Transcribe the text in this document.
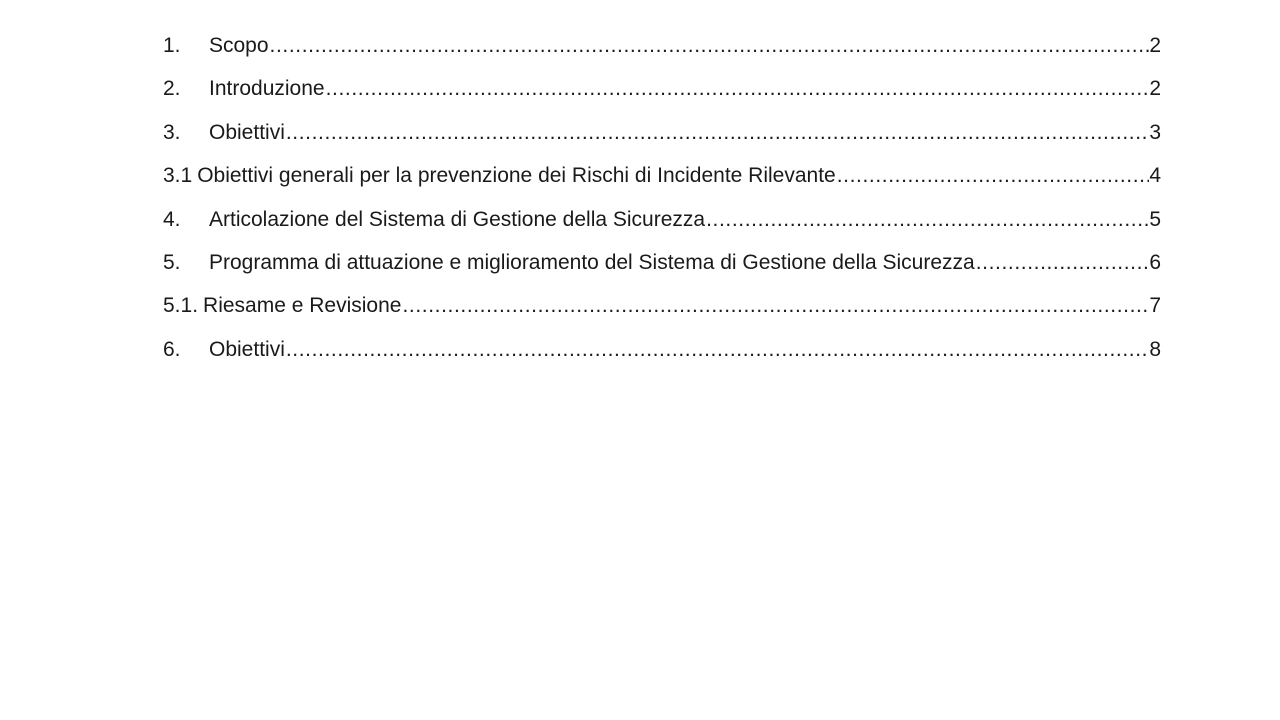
1.	Scopo .....	2
2.	Introduzione .....	2
3.	Obiettivi .....	3
3.1 Obiettivi generali per la prevenzione dei Rischi di Incidente Rilevante .....	4
4.	Articolazione del Sistema di Gestione della Sicurezza .....	5
5.	Programma di attuazione e miglioramento del Sistema di Gestione della Sicurezza .....	6
5.1. Riesame e Revisione .....	7
6.	Obiettivi .....	8
